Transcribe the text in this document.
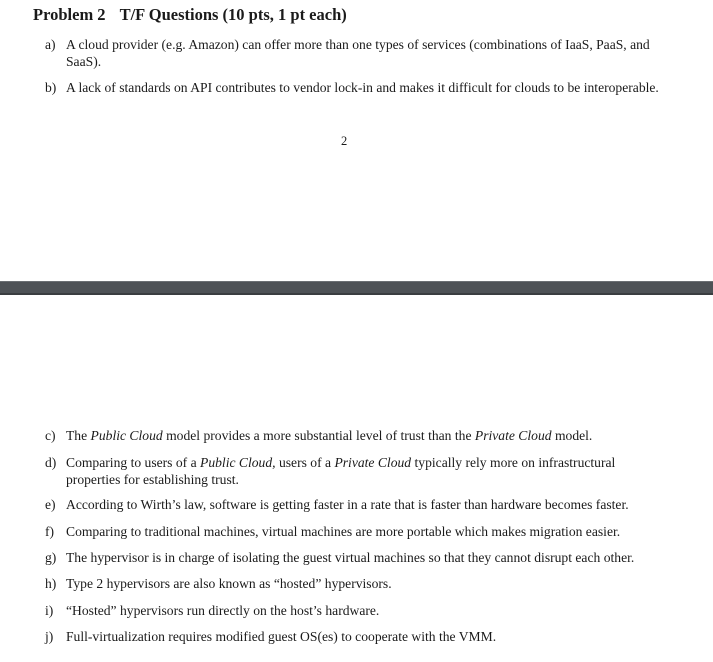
Problem 2 T/F Questions (10 pts, 1 pt each)
a) A cloud provider (e.g. Amazon) can offer more than one types of services (combinations of IaaS, PaaS, and SaaS).
b) A lack of standards on API contributes to vendor lock-in and makes it difficult for clouds to be interoperable.
2
c) The Public Cloud model provides a more substantial level of trust than the Private Cloud model.
d) Comparing to users of a Public Cloud, users of a Private Cloud typically rely more on infrastructural properties for establishing trust.
e) According to Wirth’s law, software is getting faster in a rate that is faster than hardware becomes faster.
f) Comparing to traditional machines, virtual machines are more portable which makes migration easier.
g) The hypervisor is in charge of isolating the guest virtual machines so that they cannot disrupt each other.
h) Type 2 hypervisors are also known as “hosted” hypervisors.
i) “Hosted” hypervisors run directly on the host’s hardware.
j) Full-virtualization requires modified guest OS(es) to cooperate with the VMM.
